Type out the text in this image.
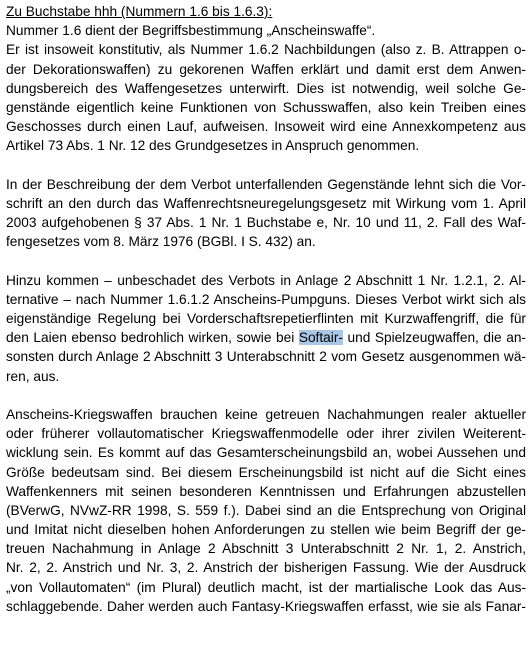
Zu Buchstabe hhh (Nummern 1.6 bis 1.6.3):
Nummer 1.6 dient der Begriffsbestimmung „Anscheinswaffe“.
Er ist insoweit konstitutiv, als Nummer 1.6.2 Nachbildungen (also z. B. Attrappen o-
der Dekorationswaffen) zu gekorenen Waffen erklärt und damit erst dem Anwen-
dungsbereich des Waffengesetzes unterwirft. Dies ist notwendig, weil solche Ge-
genstände eigentlich keine Funktionen von Schusswaffen, also kein Treiben eines
Geschosses durch einen Lauf, aufweisen. Insoweit wird eine Annexkompetenz aus
Artikel 73 Abs. 1 Nr. 12 des Grundgesetzes in Anspruch genommen.
In der Beschreibung der dem Verbot unterfallenden Gegenstände lehnt sich die Vor-
schrift an den durch das Waffenrechtsneuregelungsgesetz mit Wirkung vom 1. April
2003 aufgehobenen § 37 Abs. 1 Nr. 1 Buchstabe e, Nr. 10 und 11, 2. Fall des Waf-
fengesetzes vom 8. März 1976 (BGBl. I S. 432) an.
Hinzu kommen – unbeschadet des Verbots in Anlage 2 Abschnitt 1 Nr. 1.2.1, 2. Al-
ternative – nach Nummer 1.6.1.2 Anscheins-Pumpguns. Dieses Verbot wirkt sich als
eigenständige Regelung bei Vorderschaftsrepetierflinten mit Kurzwaffengriff, die für
den Laien ebenso bedrohlich wirken, sowie bei Softair- und Spielzeugwaffen, die an-
sonsten durch Anlage 2 Abschnitt 3 Unterabschnitt 2 vom Gesetz ausgenommen wä-
ren, aus.
Anscheins-Kriegswaffen brauchen keine getreuen Nachahmungen realer aktueller
oder früherer vollautomatischer Kriegswaffenmodelle oder ihrer zivilen Weiterent-
wicklung sein. Es kommt auf das Gesamterscheinungsbild an, wobei Aussehen und
Größe bedeutsam sind. Bei diesem Erscheinungsbild ist nicht auf die Sicht eines
Waffenkenners mit seinen besonderen Kenntnissen und Erfahrungen abzustellen
(BVerwG, NVwZ-RR 1998, S. 559 f.). Dabei sind an die Entsprechung von Original
und Imitat nicht dieselben hohen Anforderungen zu stellen wie beim Begriff der ge-
treuen Nachahmung in Anlage 2 Abschnitt 3 Unterabschnitt 2 Nr. 1, 2. Anstrich,
Nr. 2, 2. Anstrich und Nr. 3, 2. Anstrich der bisherigen Fassung. Wie der Ausdruck
„von Vollautomaten“ (im Plural) deutlich macht, ist der martialische Look das Aus-
schlaggebende. Daher werden auch Fantasy-Kriegswaffen erfasst, wie sie als Fanar-
